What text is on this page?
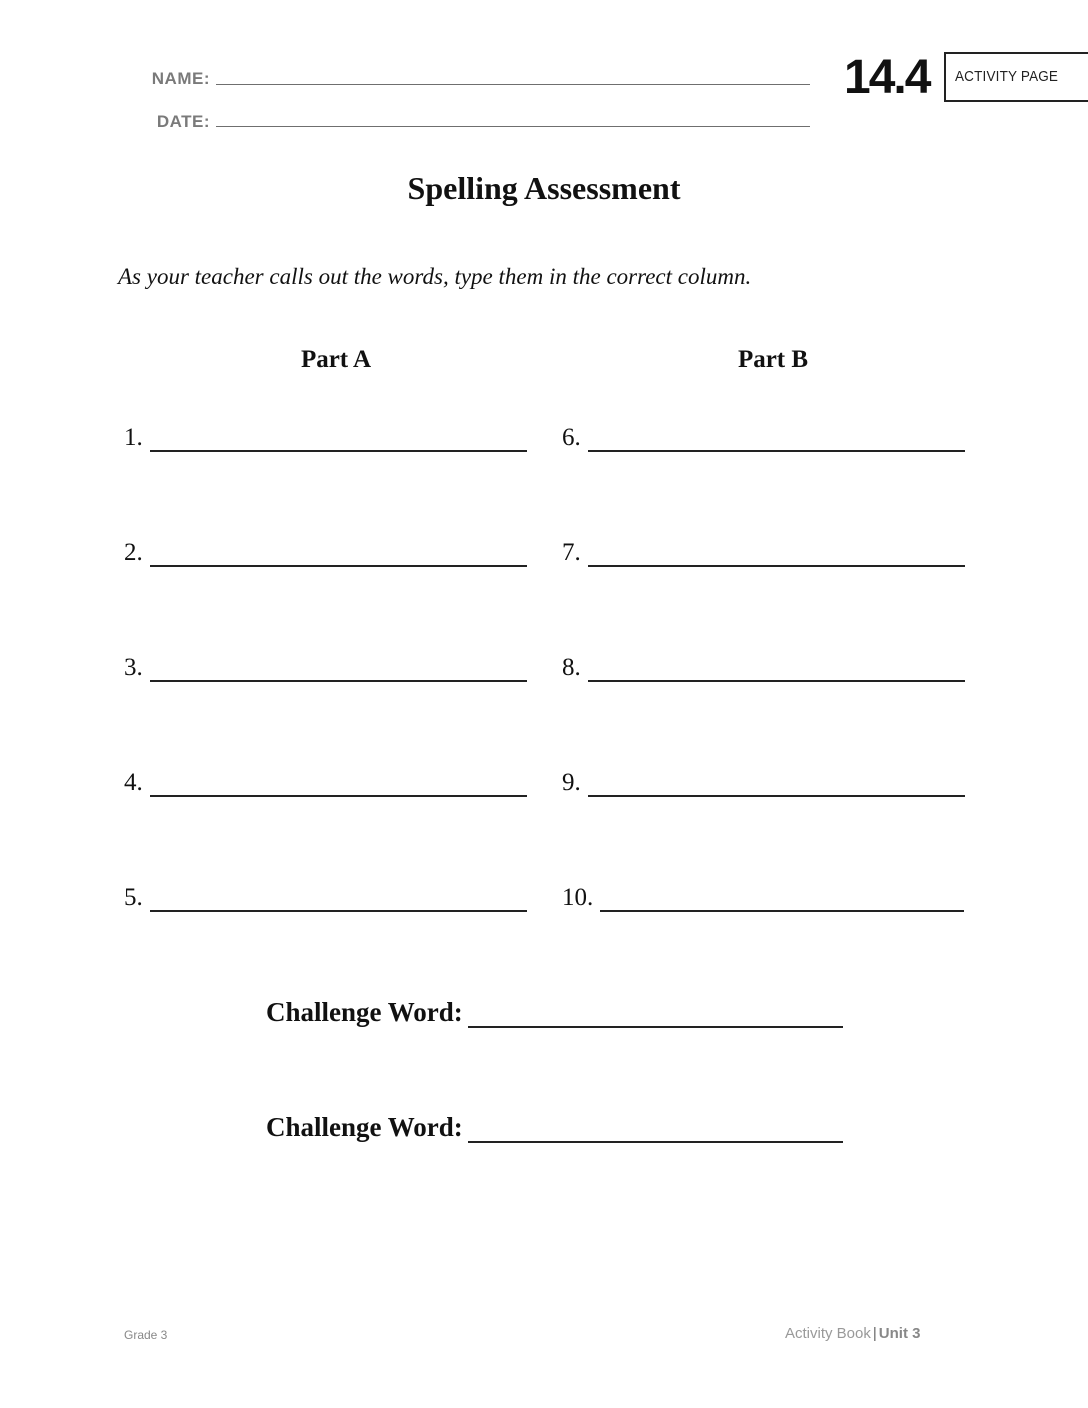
NAME:
DATE:
14.4 ACTIVITY PAGE
Spelling Assessment
As your teacher calls out the words, type them in the correct column.
Part A	Part B
1.
2.
3.
4.
5.
6.
7.
8.
9.
10.
Challenge Word:
Challenge Word:
Grade 3	Activity Book | Unit 3
